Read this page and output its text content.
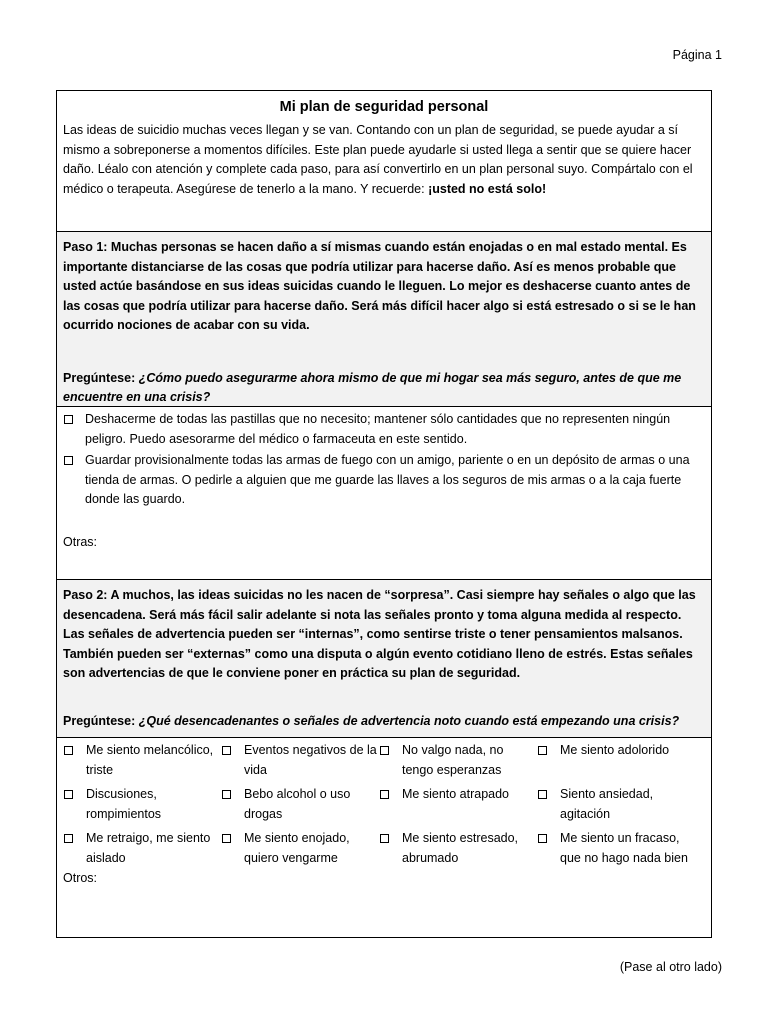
Página 1
Mi plan de seguridad personal
Las ideas de suicidio muchas veces llegan y se van. Contando con un plan de seguridad, se puede ayudar a sí mismo a sobreponerse a momentos difíciles. Este plan puede ayudarle si usted llega a sentir que se quiere hacer daño. Léalo con atención y complete cada paso, para así convertirlo en un plan personal suyo. Compártalo con el médico o terapeuta. Asegúrese de tenerlo a la mano. Y recuerde: ¡usted no está solo!
Paso 1: Muchas personas se hacen daño a sí mismas cuando están enojadas o en mal estado mental. Es importante distanciarse de las cosas que podría utilizar para hacerse daño. Así es menos probable que usted actúe basándose en sus ideas suicidas cuando le lleguen. Lo mejor es deshacerse cuanto antes de las cosas que podría utilizar para hacerse daño. Será más difícil hacer algo si está estresado o si se le han ocurrido nociones de acabar con su vida.
Pregúntese: ¿Cómo puedo asegurarme ahora mismo de que mi hogar sea más seguro, antes de que me encuentre en una crisis?
Deshacerme de todas las pastillas que no necesito; mantener sólo cantidades que no representen ningún peligro. Puedo asesorarme del médico o farmaceuta en este sentido.
Guardar provisionalmente todas las armas de fuego con un amigo, pariente o en un depósito de armas o una tienda de armas. O pedirle a alguien que me guarde las llaves a los seguros de mis armas o a la caja fuerte donde las guardo.
Otras:
Paso 2: A muchos, las ideas suicidas no les nacen de “sorpresa”. Casi siempre hay señales o algo que las desencadena. Será más fácil salir adelante si nota las señales pronto y toma alguna medida al respecto. Las señales de advertencia pueden ser “internas”, como sentirse triste o tener pensamientos malsanos. También pueden ser “externas” como una disputa o algún evento cotidiano lleno de estrés. Estas señales son advertencias de que le conviene poner en práctica su plan de seguridad.
Pregúntese: ¿Qué desencadenantes o señales de advertencia noto cuando está empezando una crisis?
Me siento melancólico, triste
Eventos negativos de la vida
No valgo nada, no tengo esperanzas
Me siento adolorido
Discusiones, rompimientos
Bebo alcohol o uso drogas
Me siento atrapado	Siento ansiedad, agitación
Me retraigo, me siento aislado
Me siento enojado, quiero vengarme
Me siento estresado, abrumado
Me siento un fracaso, que no hago nada bien
Otros:
(Pase al otro lado)
